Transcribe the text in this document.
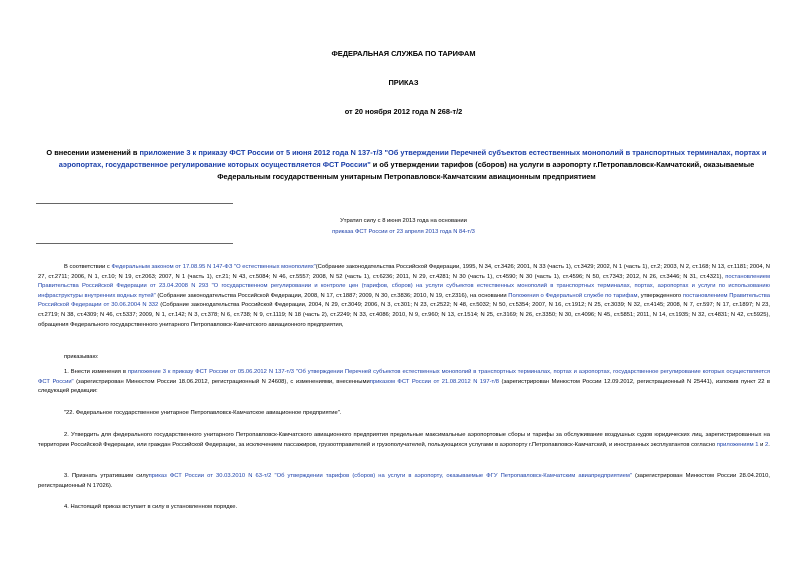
ФЕДЕРАЛЬНАЯ СЛУЖБА ПО ТАРИФАМ
ПРИКАЗ
от 20 ноября 2012 года N 268-т/2
О внесении изменений в приложение 3 к приказу ФСТ России от 5 июня 2012 года N 137-т/3 "Об утверждении Перечней субъектов естественных монополий в транспортных терминалах, портах и аэропортах, государственное регулирование которых осуществляется ФСТ России" и об утверждении тарифов (сборов) на услуги в аэропорту г.Петропавловск-Камчатский, оказываемые Федеральным государственным унитарным Петропавловск-Камчатским авиационным предприятием
Утратил силу с 8 июня 2013 года на основании
приказа ФСТ России от 23 апреля 2013 года N 84-т/3
В соответствии с Федеральным законом от 17.08.95 N 147-ФЗ "О естественных монополиях"(Собрание законодательства Российской Федерации, 1995, N 34, ст.3426; 2001, N 33 (часть 1), ст.3429; 2002, N 1 (часть 1), ст.2; 2003, N 2, ст.168; N 13, ст.1181; 2004, N 27, ст.2711; 2006, N 1, ст.10; N 19, ст.2063; 2007, N 1 (часть 1), ст.21; N 43, ст.5084; N 46, ст.5557; 2008, N 52 (часть 1), ст.6236; 2011, N 29, ст.4281; N 30 (часть 1), ст.4590; N 30 (часть 1), ст.4596; N 50, ст.7343; 2012, N 26, ст.3446; N 31, ст.4321), постановлением Правительства Российской Федерации от 23.04.2008 N 293 "О государственном регулировании и контроле цен (тарифов, сборов) на услуги субъектов естественных монополий в транспортных терминалах, портах, аэропортах и услуги по использованию инфраструктуры внутренних водных путей" (Собрание законодательства Российской Федерации, 2008, N 17, ст.1887; 2009, N 30, ст.3836; 2010, N 19, ст.2316), на основании Положения о Федеральной службе по тарифам, утвержденного постановлением Правительства Российской Федерации от 30.06.2004 N 332 (Собрание законодательства Российской Федерации, 2004, N 29, ст.3049; 2006, N 3, ст.301; N 23, ст.2522; N 48, ст.5032; N 50, ст.5354; 2007, N 16, ст.1912; N 25, ст.3039; N 32, ст.4145; 2008, N 7, ст.597; N 17, ст.1897; N 23, ст.2719; N 38, ст.4309; N 46, ст.5337; 2009, N 1, ст.142; N 3, ст.378; N 6, ст.738; N 9, ст.1119; N 18 (часть 2), ст.2249; N 33, ст.4086; 2010, N 9, ст.960; N 13, ст.1514; N 25, ст.3169; N 26, ст.3350; N 30, ст.4096; N 45, ст.5851; 2011, N 14, ст.1935; N 32, ст.4831; N 42, ст.5925), обращения Федерального государственного унитарного Петропавловск-Камчатского авиационного предприятия,
приказываю:
1. Внести изменения в приложение 3 к приказу ФСТ России от 05.06.2012 N 137-т/3 "Об утверждении Перечней субъектов естественных монополий в транспортных терминалах, портах и аэропортах, государственное регулирование которых осуществляется ФСТ России" (зарегистрирован Минюстом России 18.06.2012, регистрационный N 24608), с изменениями, внесеннымиприказом ФСТ России от 21.08.2012 N 197-т/8 (зарегистрирован Минюстом России 12.09.2012, регистрационный N 25441), изложив пункт 22 в следующей редакции:
"22. Федеральное государственное унитарное Петропавловск-Камчатское авиационное предприятие".
2. Утвердить для федерального государственного унитарного Петропавловск-Камчатского авиационного предприятия предельные максимальные аэропортовые сборы и тарифы за обслуживание воздушных судов юридических лиц, зарегистрированных на территории Российской Федерации, или граждан Российской Федерации, за исключением пассажиров, грузоотправителей и грузополучателей, пользующихся услугами в аэропорту г.Петропавловск-Камчатский, и иностранных эксплуатантов согласно приложениям 1 и 2.
3. Признать утратившим силуприказ ФСТ России от 30.03.2010 N 63-т/2 "Об утверждении тарифов (сборов) на услуги в аэропорту, оказываемые ФГУ Петропавловск-Камчатским авиапредприятием" (зарегистрирован Минюстом России 28.04.2010, регистрационный N 17026).
4. Настоящий приказ вступает в силу в установленном порядке.
